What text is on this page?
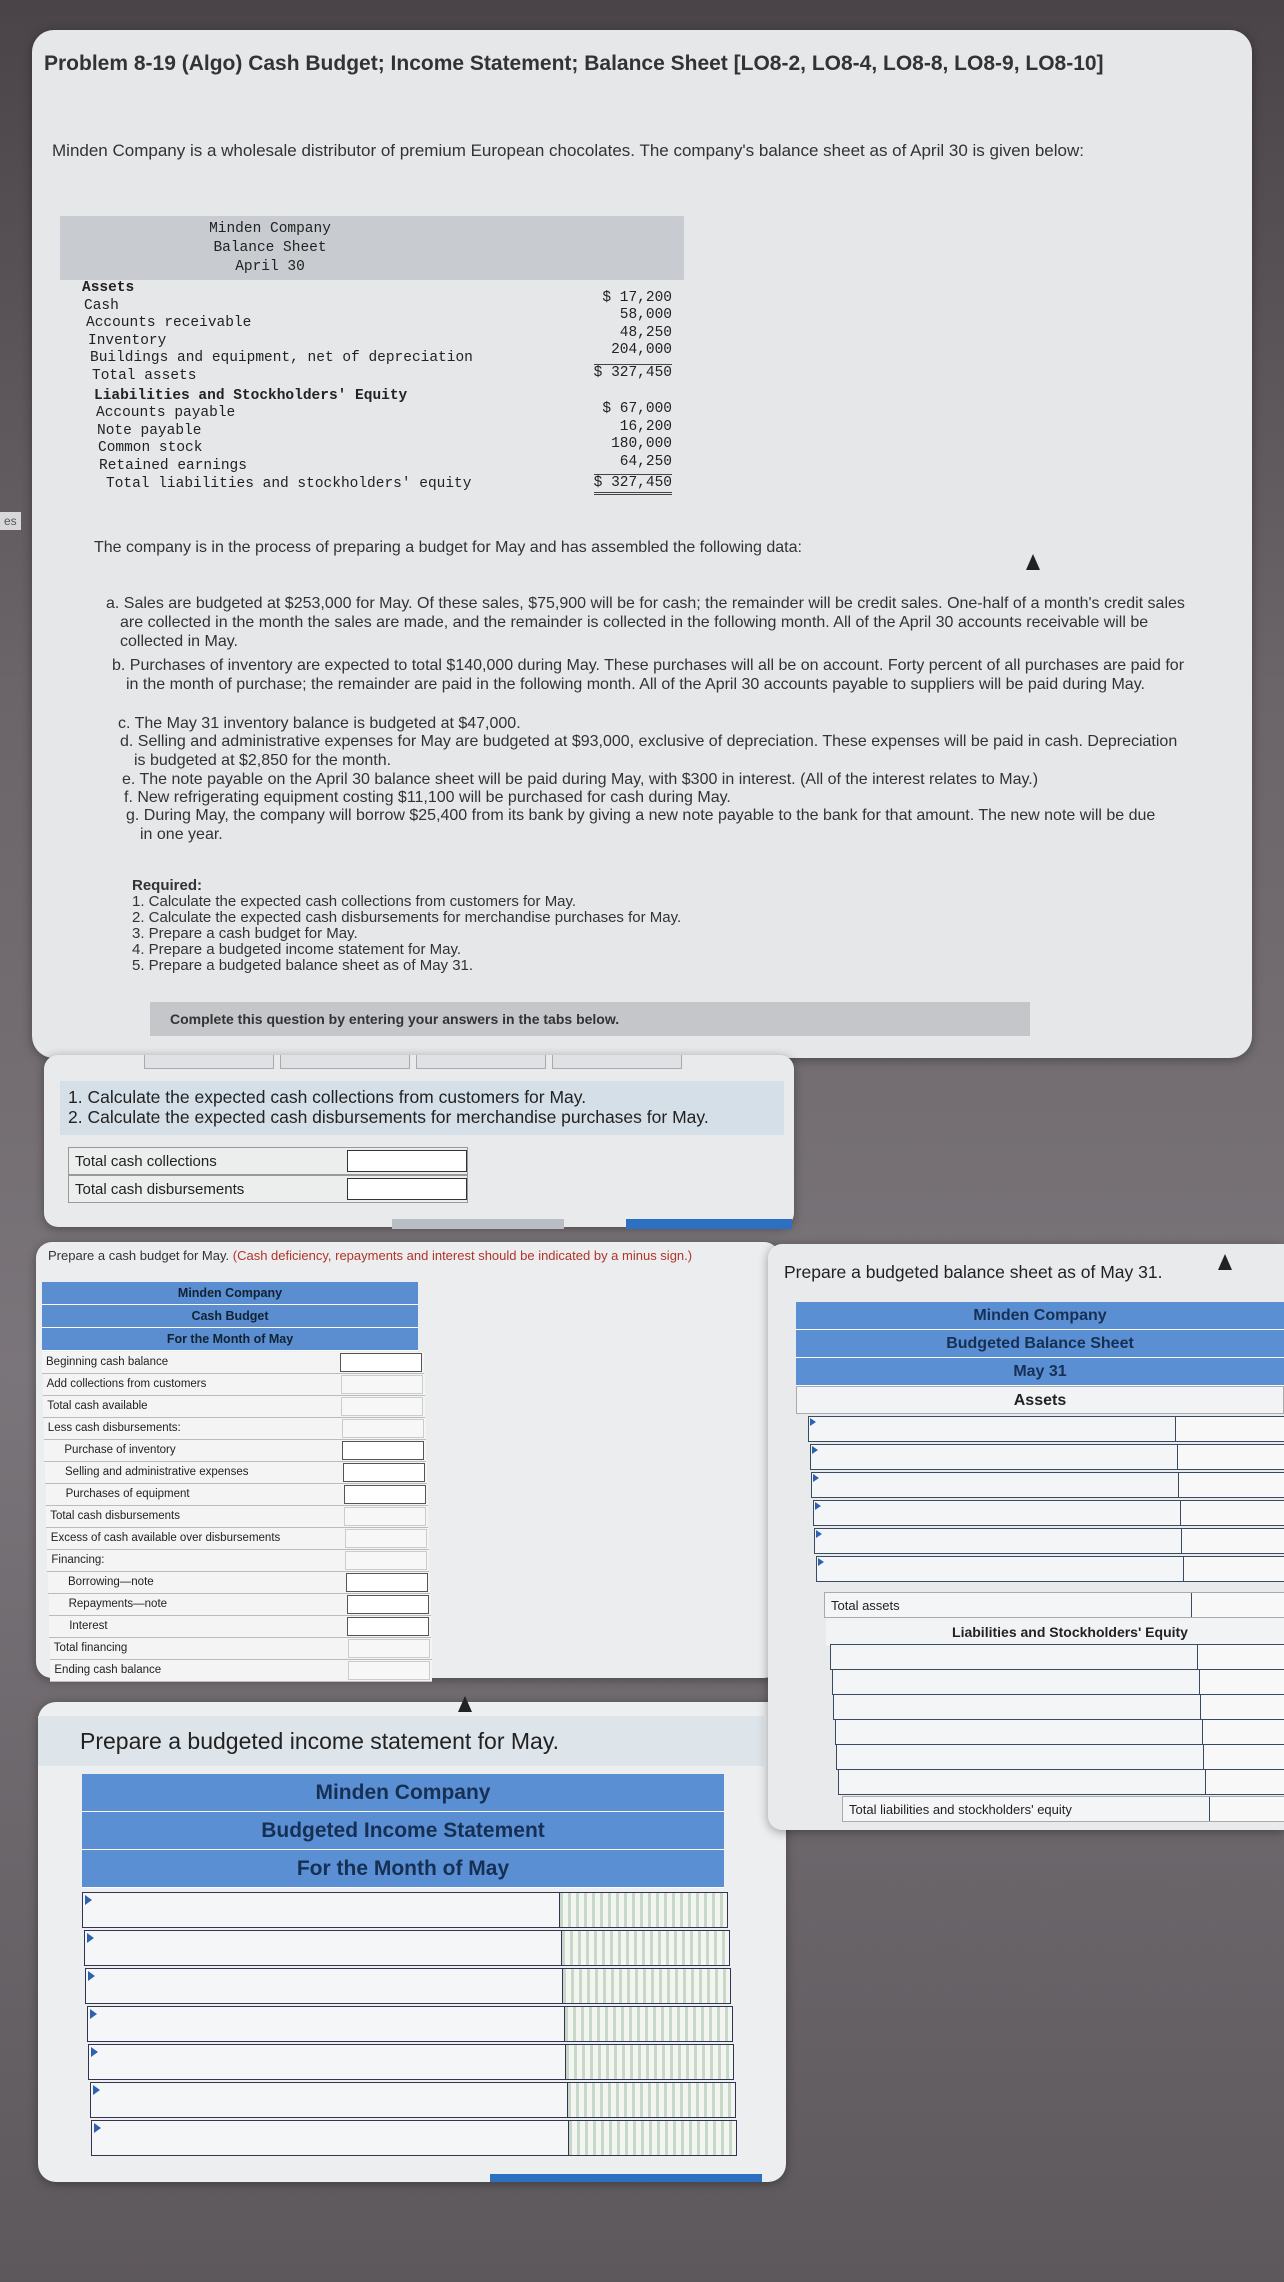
Problem 8-19 (Algo) Cash Budget; Income Statement; Balance Sheet [LO8-2, LO8-4, LO8-8, LO8-9, LO8-10]
Minden Company is a wholesale distributor of premium European chocolates. The company's balance sheet as of April 30 is given below:
Minden Company
Balance Sheet
April 30
Assets
Cash	$ 17,200
Accounts receivable	58,000
Inventory	48,250
Buildings and equipment, net of depreciation	204,000
Total assets	$ 327,450
Liabilities and Stockholders' Equity
Accounts payable	$ 67,000
Note payable	16,200
Common stock	180,000
Retained earnings	64,250
Total liabilities and stockholders' equity	$ 327,450
The company is in the process of preparing a budget for May and has assembled the following data:
a. Sales are budgeted at $253,000 for May. Of these sales, $75,900 will be for cash; the remainder will be credit sales. One-half of a month's credit sales are collected in the month the sales are made, and the remainder is collected in the following month. All of the April 30 accounts receivable will be collected in May.
b. Purchases of inventory are expected to total $140,000 during May. These purchases will all be on account. Forty percent of all purchases are paid for in the month of purchase; the remainder are paid in the following month. All of the April 30 accounts payable to suppliers will be paid during May.
c. The May 31 inventory balance is budgeted at $47,000.
d. Selling and administrative expenses for May are budgeted at $93,000, exclusive of depreciation. These expenses will be paid in cash. Depreciation is budgeted at $2,850 for the month.
e. The note payable on the April 30 balance sheet will be paid during May, with $300 in interest. (All of the interest relates to May.)
f. New refrigerating equipment costing $11,100 will be purchased for cash during May.
g. During May, the company will borrow $25,400 from its bank by giving a new note payable to the bank for that amount. The new note will be due in one year.
Required:
1. Calculate the expected cash collections from customers for May.
2. Calculate the expected cash disbursements for merchandise purchases for May.
3. Prepare a cash budget for May.
4. Prepare a budgeted income statement for May.
5. Prepare a budgeted balance sheet as of May 31.
Complete this question by entering your answers in the tabs below.
es
1. Calculate the expected cash collections from customers for May.
2. Calculate the expected cash disbursements for merchandise purchases for May.
Total cash collections
Total cash disbursements
Prepare a cash budget for May. (Cash deficiency, repayments and interest should be indicated by a minus sign.)
Minden Company
Cash Budget
For the Month of May
Beginning cash balance
Add collections from customers
Total cash available
Less cash disbursements:
Purchase of inventory
Selling and administrative expenses
Purchases of equipment
Total cash disbursements
Excess of cash available over disbursements
Financing:
Borrowing—note
Repayments—note
Interest
Total financing
Ending cash balance
Prepare a budgeted income statement for May.
Minden Company
Budgeted Income Statement
For the Month of May
Prepare a budgeted balance sheet as of May 31.
Minden Company
Budgeted Balance Sheet
May 31
Assets
Total assets
Liabilities and Stockholders' Equity
Total liabilities and stockholders' equity
